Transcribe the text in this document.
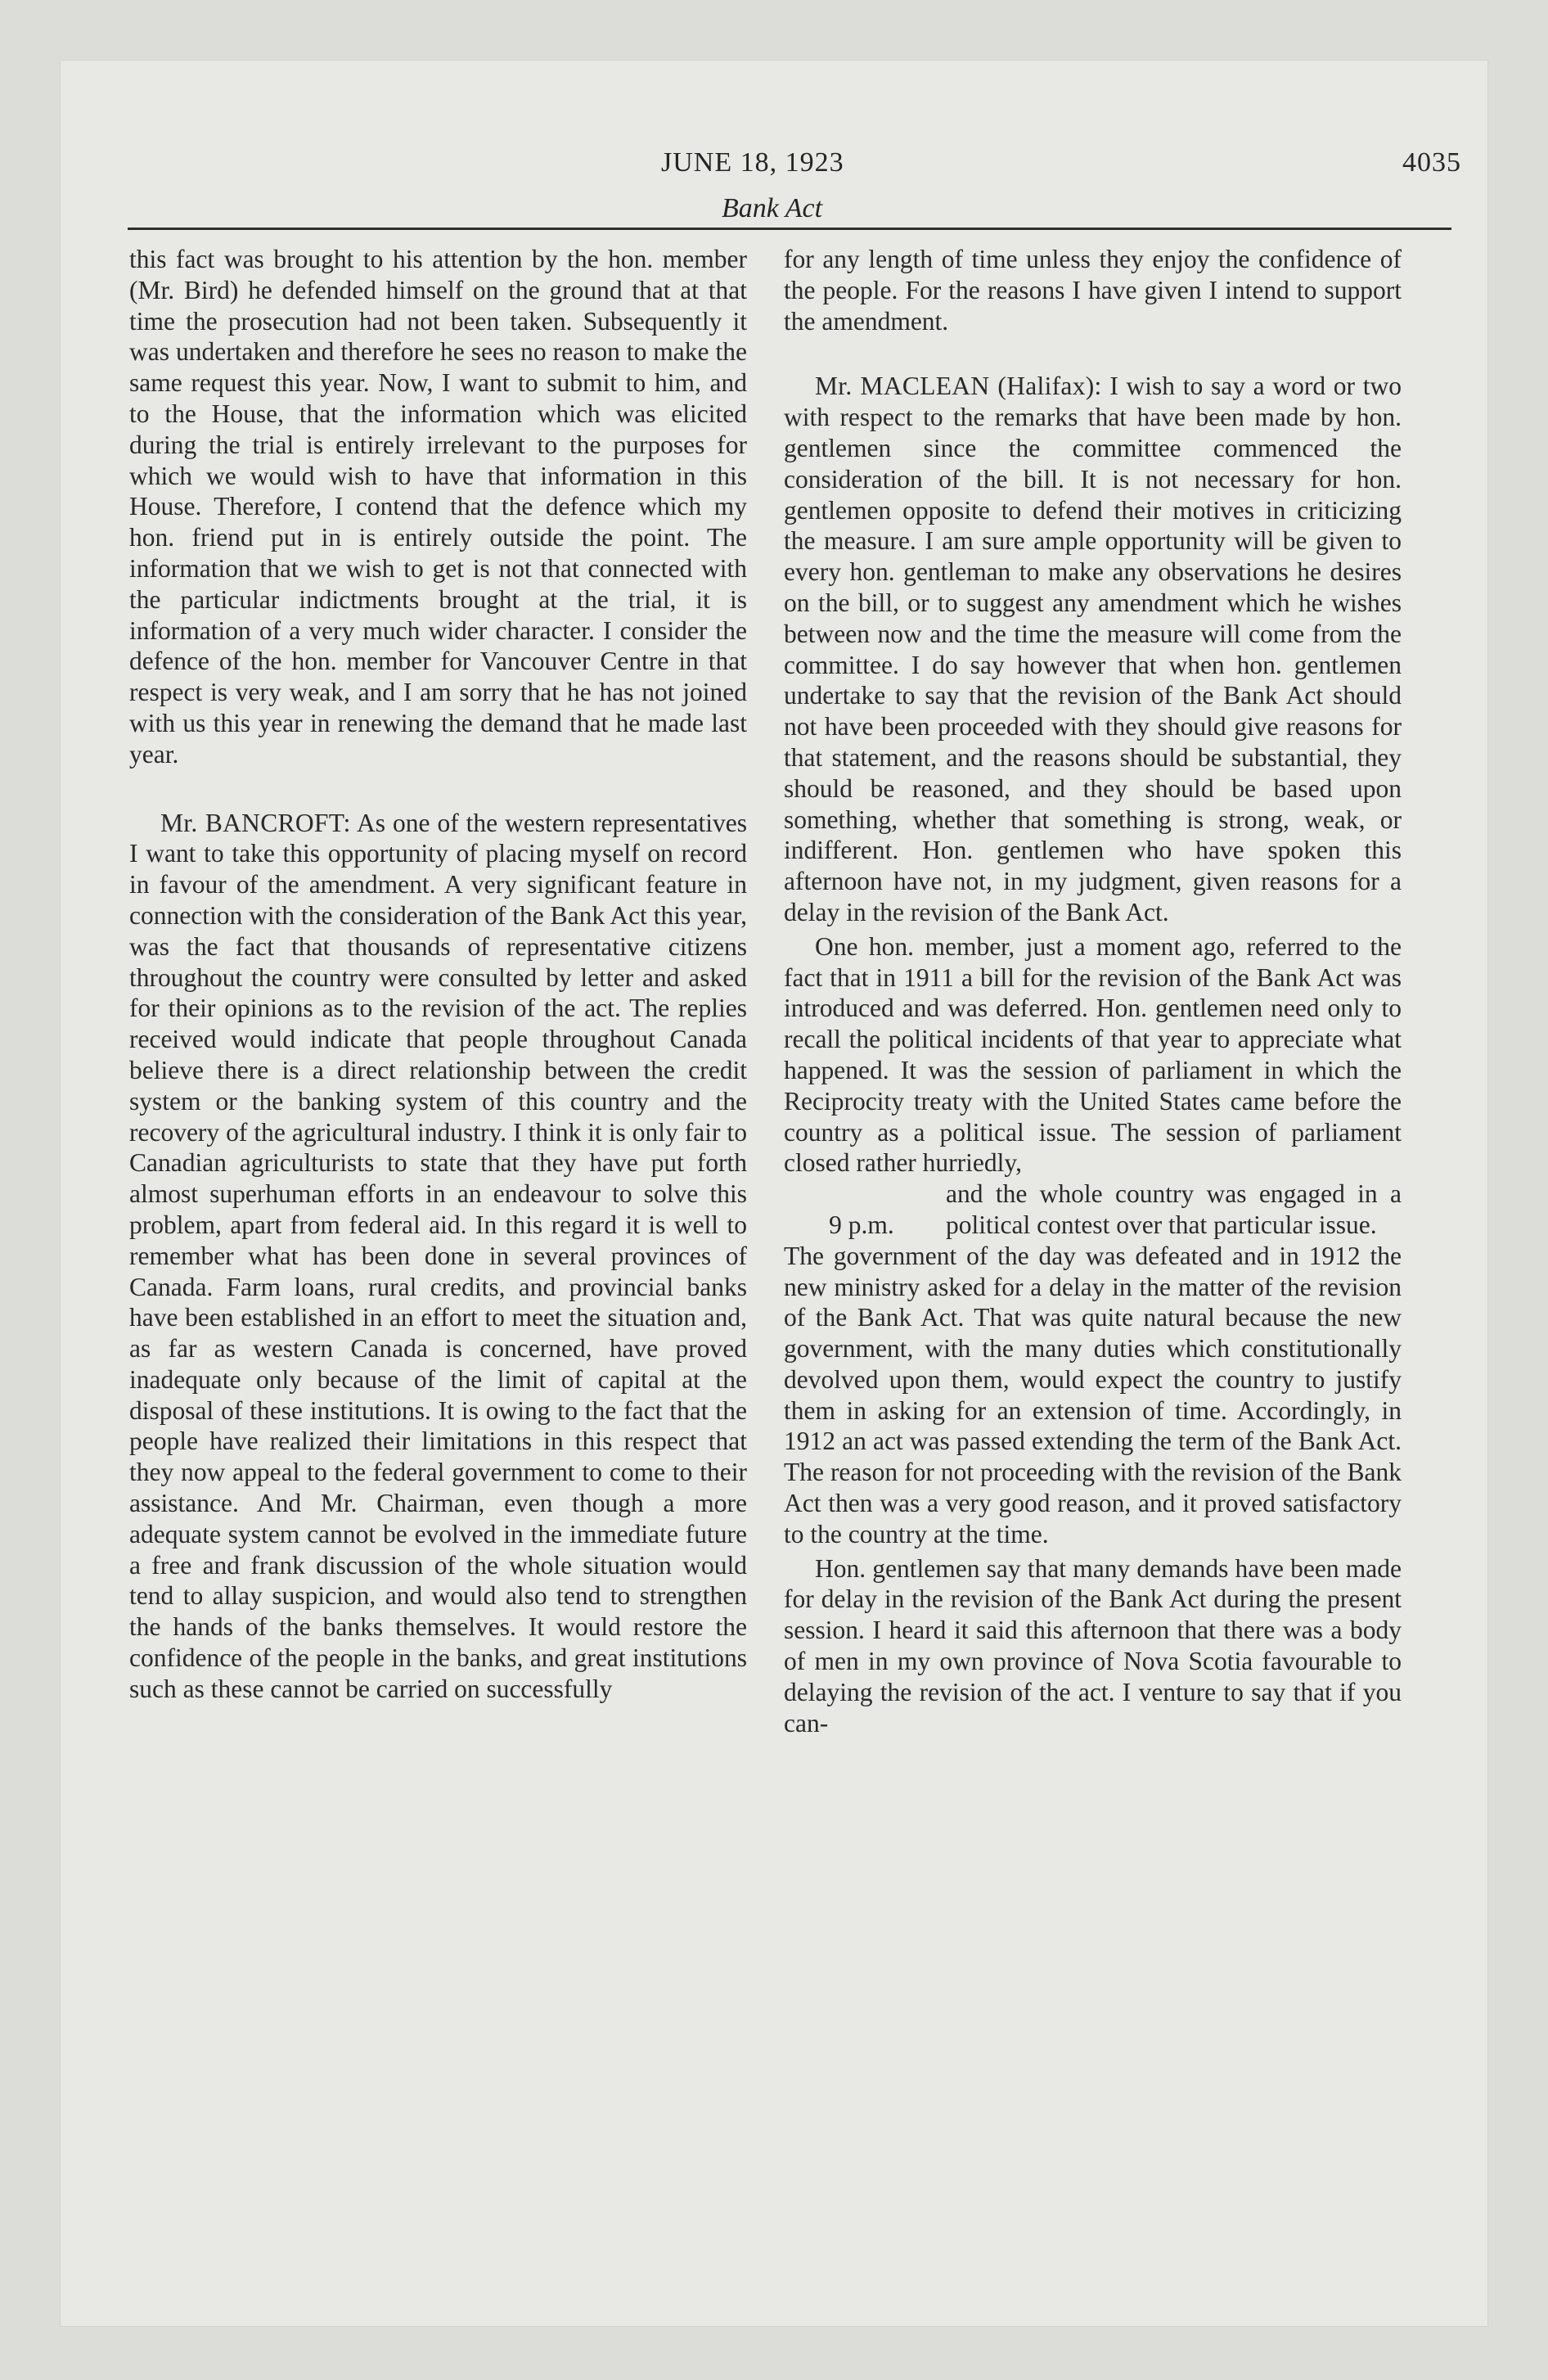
JUNE 18, 1923	4035
Bank Act

this fact was brought to his attention by the hon. member (Mr. Bird) he defended himself on the ground that at that time the prosecution had not been taken. Subsequently it was undertaken and therefore he sees no reason to make the same request this year. Now, I want to submit to him, and to the House, that the information which was elicited during the trial is entirely irrelevant to the purposes for which we would wish to have that information in this House. Therefore, I contend that the defence which my hon. friend put in is entirely outside the point. The information that we wish to get is not that connected with the particular indictments brought at the trial, it is information of a very much wider character. I consider the defence of the hon. member for Vancouver Centre in that respect is very weak, and I am sorry that he has not joined with us this year in renewing the demand that he made last year.

Mr. BANCROFT: As one of the western representatives I want to take this opportunity of placing myself on record in favour of the amendment. A very significant feature in connection with the consideration of the Bank Act this year, was the fact that thousands of representative citizens throughout the country were consulted by letter and asked for their opinions as to the revision of the act. The replies received would indicate that people throughout Canada believe there is a direct relationship between the credit system or the banking system of this country and the recovery of the agricultural industry. I think it is only fair to Canadian agriculturists to state that they have put forth almost superhuman efforts in an endeavour to solve this problem, apart from federal aid. In this regard it is well to remember what has been done in several provinces of Canada. Farm loans, rural credits, and provincial banks have been established in an effort to meet the situation and, as far as western Canada is concerned, have proved inadequate only because of the limit of capital at the disposal of these institutions. It is owing to the fact that the people have realized their limitations in this respect that they now appeal to the federal government to come to their assistance. And Mr. Chairman, even though a more adequate system cannot be evolved in the immediate future a free and frank discussion of the whole situation would tend to allay suspicion, and would also tend to strengthen the hands of the banks themselves. It would restore the confidence of the people in the banks, and great institutions such as these cannot be carried on successfully

for any length of time unless they enjoy the confidence of the people. For the reasons I have given I intend to support the amendment.

Mr. MACLEAN (Halifax): I wish to say a word or two with respect to the remarks that have been made by hon. gentlemen since the committee commenced the consideration of the bill. It is not necessary for hon. gentlemen opposite to defend their motives in criticizing the measure. I am sure ample opportunity will be given to every hon. gentleman to make any observations he desires on the bill, or to suggest any amendment which he wishes between now and the time the measure will come from the committee. I do say however that when hon. gentlemen undertake to say that the revision of the Bank Act should not have been proceeded with they should give reasons for that statement, and the reasons should be substantial, they should be reasoned, and they should be based upon something, whether that something is strong, weak, or indifferent. Hon. gentlemen who have spoken this afternoon have not, in my judgment, given reasons for a delay in the revision of the Bank Act.

One hon. member, just a moment ago, referred to the fact that in 1911 a bill for the revision of the Bank Act was introduced and was deferred. Hon. gentlemen need only to recall the political incidents of that year to appreciate what happened. It was the session of parliament in which the Reciprocity treaty with the United States came before the country as a political issue. The session of parliament closed rather hurriedly,

9 p.m.
and the whole country was engaged in a political contest over that particular issue.

The government of the day was defeated and in 1912 the new ministry asked for a delay in the matter of the revision of the Bank Act. That was quite natural because the new government, with the many duties which constitutionally devolved upon them, would expect the country to justify them in asking for an extension of time. Accordingly, in 1912 an act was passed extending the term of the Bank Act. The reason for not proceeding with the revision of the Bank Act then was a very good reason, and it proved satisfactory to the country at the time.

Hon. gentlemen say that many demands have been made for delay in the revision of the Bank Act during the present session. I heard it said this afternoon that there was a body of men in my own province of Nova Scotia favourable to delaying the revision of the act. I venture to say that if you can-
